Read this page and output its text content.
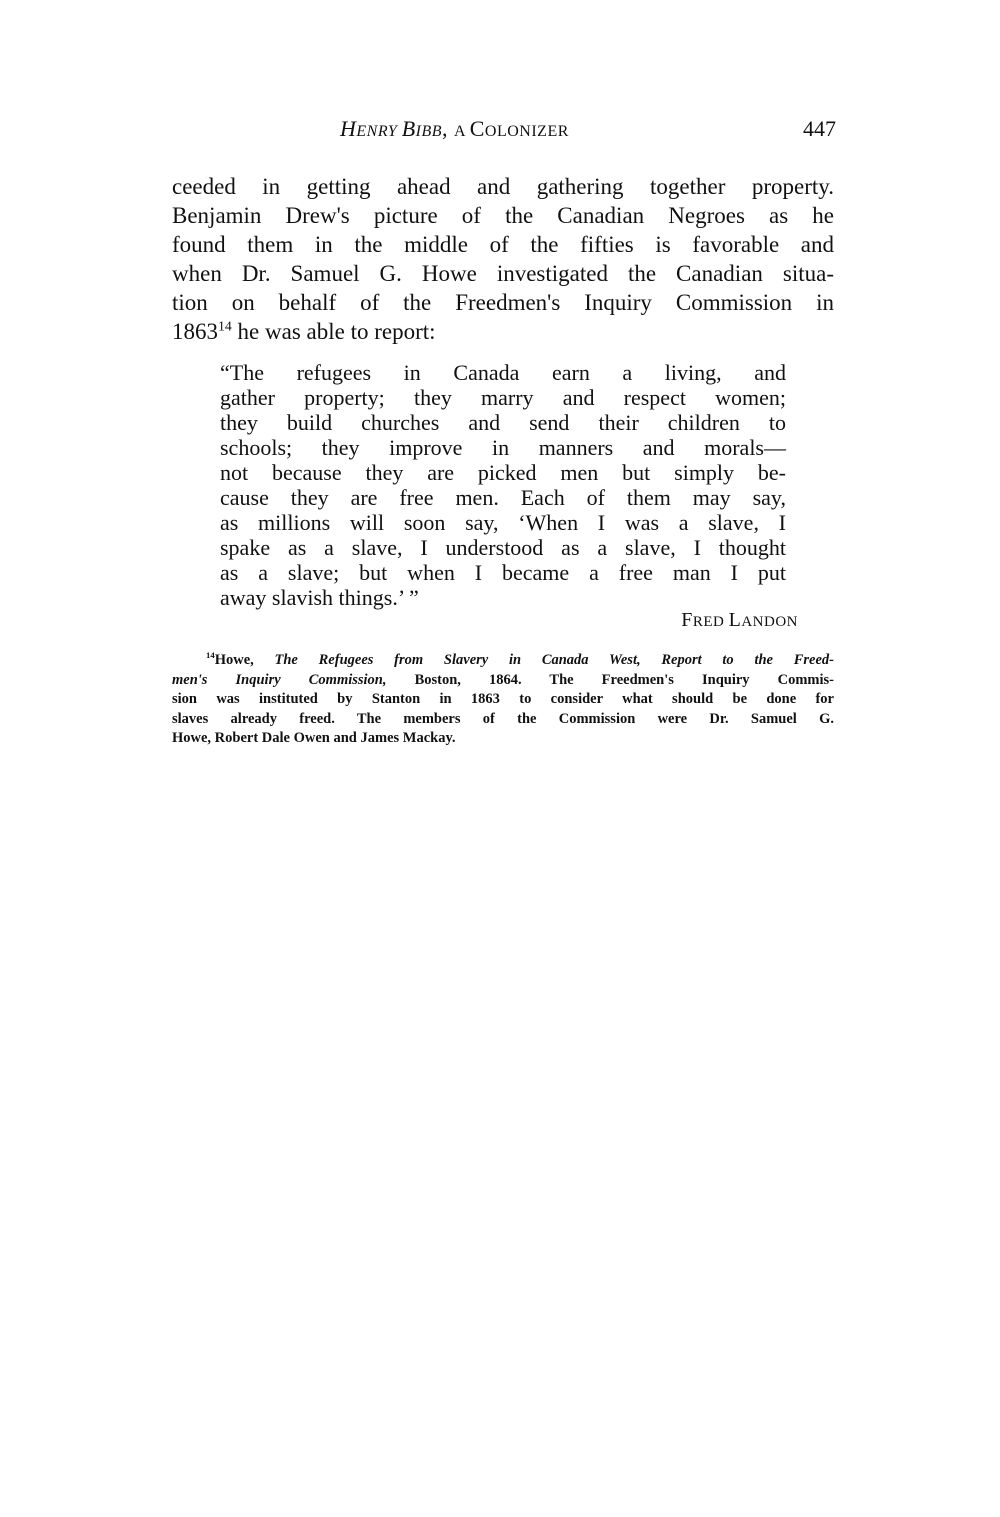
HENRY BIBB, A COLONIZER	447
ceeded in getting ahead and gathering together property.
Benjamin Drew's picture of the Canadian Negroes as he
found them in the middle of the fifties is favorable and
when Dr. Samuel G. Howe investigated the Canadian situa-
tion on behalf of the Freedmen's Inquiry Commission in
1863$^{14}$ he was able to report:
“The refugees in Canada earn a living, and
gather property; they marry and respect women;
they build churches and send their children to
schools; they improve in manners and morals—
not because they are picked men but simply be-
cause they are free men. Each of them may say,
as millions will soon say, ‘When I was a slave, I
spake as a slave, I understood as a slave, I thought
as a slave; but when I became a free man I put
away slavish things.’ ”
FRED LANDON
$^{14}$Howe, The Refugees from Slavery in Canada West, Report to the Freed-
men's Inquiry Commission, Boston, 1864. The Freedmen's Inquiry Commis-
sion was instituted by Stanton in 1863 to consider what should be done for
slaves already freed. The members of the Commission were Dr. Samuel G.
Howe, Robert Dale Owen and James Mackay.
